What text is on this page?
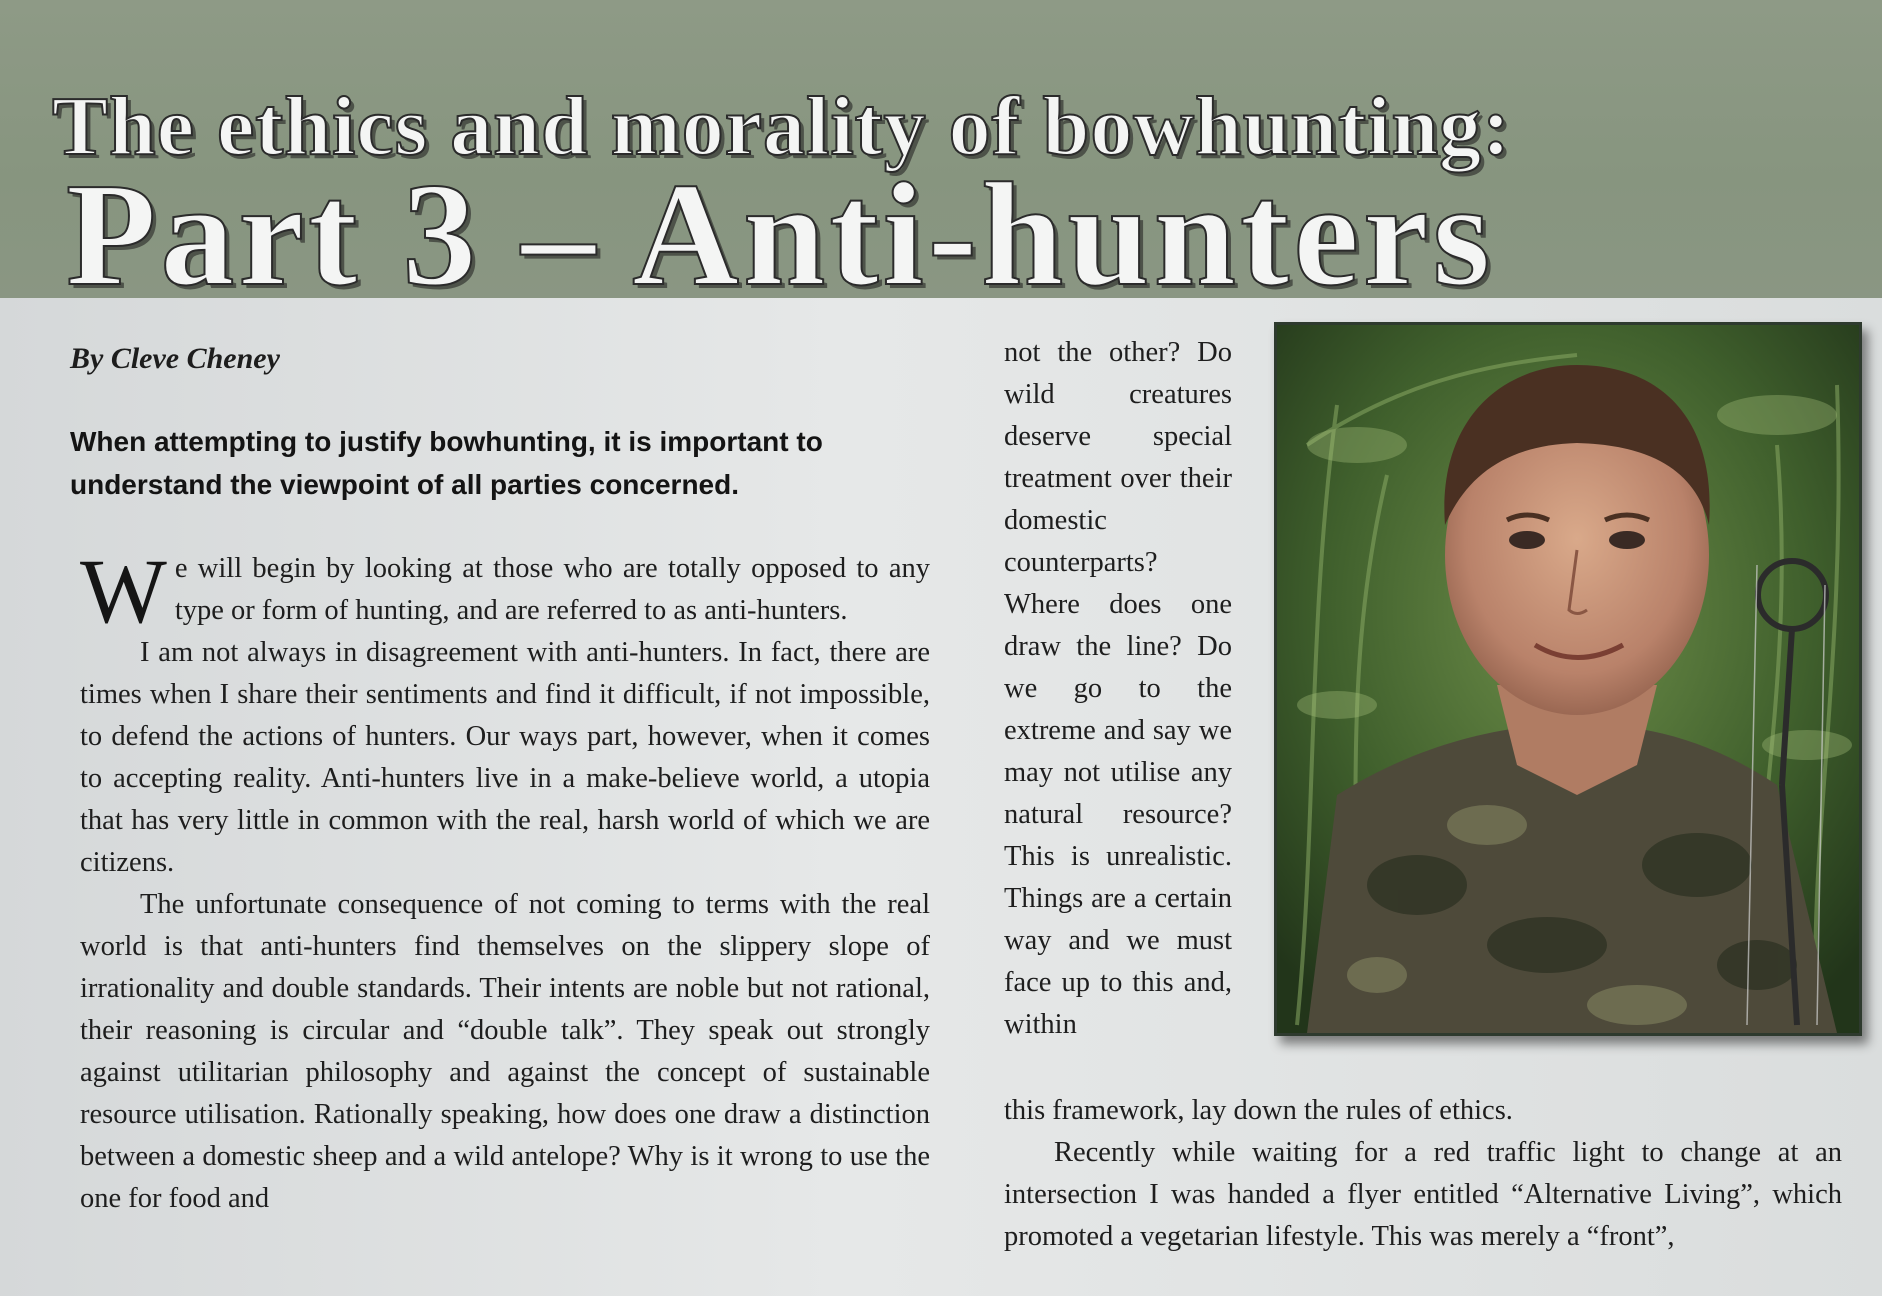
The ethics and morality of bowhunting:
Part 3 – Anti-hunters
By Cleve Cheney
When attempting to justify bowhunting, it is important to understand the viewpoint of all parties concerned.

We will begin by looking at those who are totally opposed to any type or form of hunting, and are referred to as anti-hunters.

I am not always in disagreement with anti-hunters. In fact, there are times when I share their sentiments and find it difficult, if not impossible, to defend the actions of hunters. Our ways part, however, when it comes to accepting reality. Anti-hunters live in a make-believe world, a utopia that has very little in common with the real, harsh world of which we are citizens.

The unfortunate consequence of not coming to terms with the real world is that anti-hunters find themselves on the slippery slope of irrationality and double standards. Their intents are noble but not rational, their reasoning is circular and “double talk”. They speak out strongly against utilitarian philosophy and against the concept of sustainable resource utilisation. Rationally speaking, how does one draw a distinction between a domestic sheep and a wild antelope? Why is it wrong to use the one for food and

not the other? Do wild creatures deserve special treatment over their domestic counterparts? Where does one draw the line? Do we go to the extreme and say we may not utilise any natural resource? This is unrealistic. Things are a certain way and we must face up to this and, within

this framework, lay down the rules of ethics.

Recently while waiting for a red traffic light to change at an intersection I was handed a flyer entitled “Alternative Living”, which promoted a vegetarian lifestyle. This was merely a “front”,
